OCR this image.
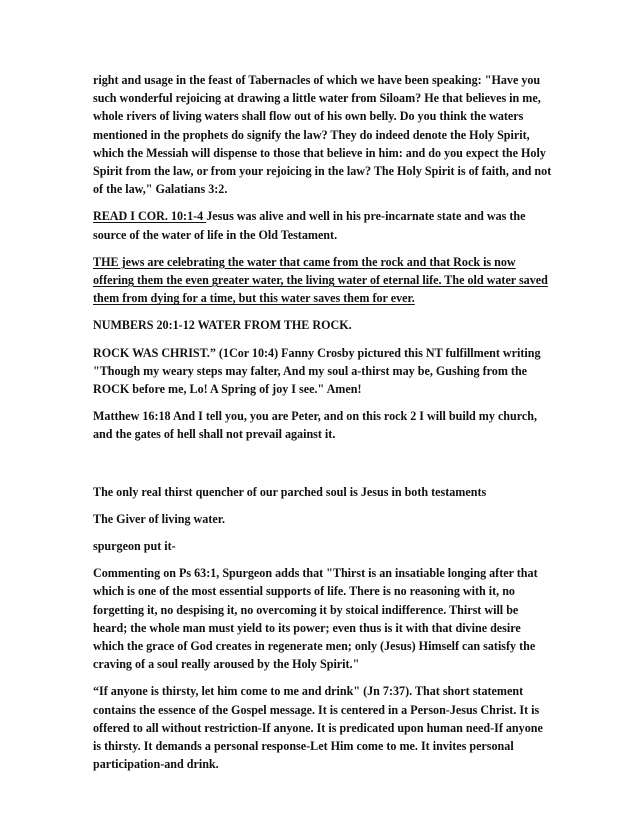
right and usage in the feast of Tabernacles of which we have been speaking: "Have you such wonderful rejoicing at drawing a little water from Siloam? He that believes in me, whole rivers of living waters shall flow out of his own belly. Do you think the waters mentioned in the prophets do signify the law? They do indeed denote the Holy Spirit, which the Messiah will dispense to those that believe in him: and do you expect the Holy Spirit from the law, or from your rejoicing in the law? The Holy Spirit is of faith, and not of the law," Galatians 3:2.

READ I COR. 10:1-4 Jesus was alive and well in his pre-incarnate state and was the source of the water of life in the Old Testament.

THE jews are celebrating the water that came from the rock and that Rock is now offering them the even greater water, the living water of eternal life. The old water saved them from dying for a time, but this water saves them for ever.

NUMBERS 20:1-12 WATER FROM THE ROCK.

ROCK WAS CHRIST.” (1Cor 10:4) Fanny Crosby pictured this NT fulfillment writing "Though my weary steps may falter, And my soul a-thirst may be, Gushing from the ROCK before me, Lo! A Spring of joy I see." Amen!

Matthew 16:18 And I tell you, you are Peter, and on this rock 2 I will build my church, and the gates of hell shall not prevail against it.

The only real thirst quencher of our parched soul is Jesus in both testaments

The Giver of living water.

spurgeon put it-

Commenting on Ps 63:1, Spurgeon adds that "Thirst is an insatiable longing after that which is one of the most essential supports of life. There is no reasoning with it, no forgetting it, no despising it, no overcoming it by stoical indifference. Thirst will be heard; the whole man must yield to its power; even thus is it with that divine desire which the grace of God creates in regenerate men; only (Jesus) Himself can satisfy the craving of a soul really aroused by the Holy Spirit."

“If anyone is thirsty, let him come to me and drink" (Jn 7:37). That short statement contains the essence of the Gospel message. It is centered in a Person-Jesus Christ. It is offered to all without restriction-If anyone. It is predicated upon human need-If anyone is thirsty. It demands a personal response-Let Him come to me. It invites personal participation-and drink.
